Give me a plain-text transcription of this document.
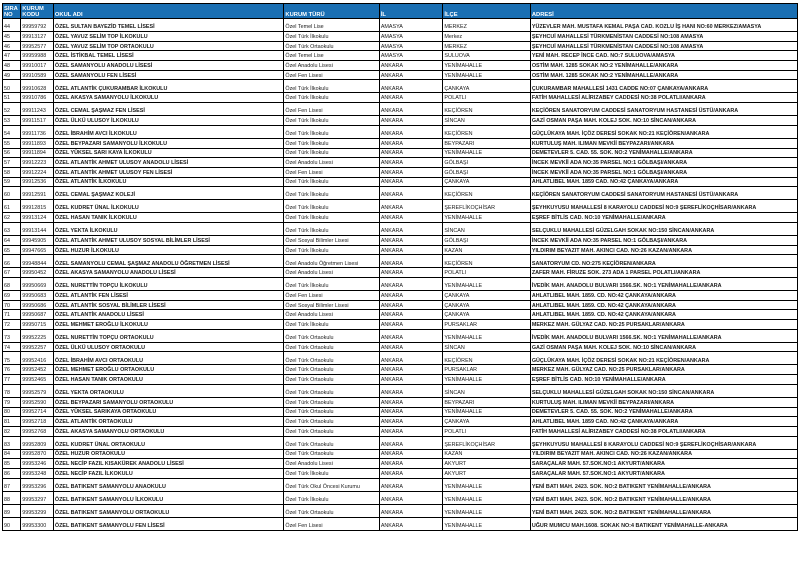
SIRA NO	KURUM KODU	OKUL ADI	KURUM TÜRÜ	İL	İLÇE	ADRESİ
44	99959792	ÖZEL SULTAN BAYEZİD TEMEL LİSESİ	Özel Temel Lise	AMASYA	MERKEZ	YÜZEVLER MAH. MUSTAFA KEMAL PAŞA CAD. KOZLU İŞ HANI NO:60 MERKEZ/AMASYA
45	99913127	ÖZEL YAVUZ SELİM TOP İLKOKULU	Özel Türk İlkokulu	AMASYA	Merkez	ŞEYHCUİ MAHALLESİ TÜRKMENİSTAN CADDESİ NO:108 AMASYA
46	99952577	ÖZEL YAVUZ SELİM TOP ORTAOKULU	Özel Türk Ortaokulu	AMASYA	MERKEZ	ŞEYHCUİ MAHALLESİ TÜRKMENİSTAN CADDESİ NO:108 AMASYA
47	99959988	ÖZEL İSTİKBAL TEMEL LİSESİ	Özel Temel Lise	AMASYA	SULUOVA	YENİ MAH. RECEP İNCE CAD. NO:7 SULUOVA/AMASYA
48	99910017	ÖZEL SAMANYOLU ANADOLU LİSESİ	Özel Anadolu Lisesi	ANKARA	YENİMAHALLE	OSTİM MAH. 1285 SOKAK NO:2 YENİMAHALLE/ANKARA
49	99910589	ÖZEL SAMANYOLU FEN LİSESİ	Özel Fen Lisesi	ANKARA	YENİMAHALLE	OSTİM MAH. 1285 SOKAK NO:2 YENİMAHALLE/ANKARA
50	99910628	ÖZEL ATLANTİK ÇUKURAMBAR İLKOKULU	Özel Türk İlkokulu	ANKARA	ÇANKAYA	ÇUKURAMBAR MAHALLESİ 1431 CADDE NO:07 ÇANKAYA/ANKARA
51	99910786	ÖZEL AKASYA SAMANYOLU İLKOKULU	Özel Türk İlkokulu	ANKARA	POLATLI	FATİH MAHALLESİ ALİRIZABEY CADDESİ NO:38 POLATLI/ANKARA
52	99911243	ÖZEL CEMAL ŞAŞMAZ FEN LİSESİ	Özel Fen Lisesi	ANKARA	KEÇİÖREN	KEÇİÖREN SANATORYUM CADDESİ SANATORYUM HASTANESİ ÜSTÜ/ANKARA
53	99911517	ÖZEL ÜLKÜ ULUSOY İLKOKULU	Özel Türk İlkokulu	ANKARA	SİNCAN	GAZİ OSMAN PAŞA MAH. KOLEJ SOK. NO:10 SİNCAN/ANKARA
54	99911736	ÖZEL İBRAHİM AVCI İLKOKULU	Özel Türk İlkokulu	ANKARA	KEÇİÖREN	GÜÇLÜKAYA MAH. İÇÖZ DERESİ SOKAK NO:21 KEÇİÖREN/ANKARA
55	99911893	ÖZEL BEYPAZARI SAMANYOLU İLKOKULU	Özel Türk İlkokulu	ANKARA	BEYPAZARI	KURTULUŞ MAH. ILIMAN MEVKİİ BEYPAZARI/ANKARA
56	99911894	ÖZEL YÜKSEL SARI KAYA İLKOKULU	Özel Türk İlkokulu	ANKARA	YENİMAHALLE	DEMETEVLER 5. CAD. 55. SOK. NO:2 YENİMAHALLE/ANKARA
57	99912223	ÖZEL ATLANTİK AHMET ULUSOY ANADOLU LİSESİ	Özel Anadolu Lisesi	ANKARA	GÖLBAŞI	İNCEK MEVKİİ ADA NO:35 PARSEL NO:1 GÖLBAŞI/ANKARA
58	99912224	ÖZEL ATLANTİK AHMET ULUSOY FEN LİSESİ	Özel Fen Lisesi	ANKARA	GÖLBAŞI	İNCEK MEVKİİ ADA NO:35 PARSEL NO:1 GÖLBAŞI/ANKARA
59	99912536	ÖZEL ATLANTİK İLKOKULU	Özel Türk İlkokulu	ANKARA	ÇANKAYA	AHLATLIBEL MAH. 1859 CAD. NO:42 ÇANKAYA/ANKARA
60	99912591	ÖZEL CEMAL ŞAŞMAZ KOLEJİ	Özel Türk İlkokulu	ANKARA	KEÇİÖREN	KEÇİÖREN SANATORYUM CADDESİ SANATORYUM HASTANESİ ÜSTÜ/ANKARA
61	99912815	ÖZEL KUDRET ÜNAL İLKOKULU	Özel Türk İlkokulu	ANKARA	ŞEREFLİKOÇHİSAR	ŞEYHKUYUSU MAHALLESİ 8 KARAYOLU CADDESİ NO:9 ŞEREFLİKOÇHİSAR/ANKARA
62	99913124	ÖZEL HASAN TANIK İLKOKULU	Özel Türk İlkokulu	ANKARA	YENİMAHALLE	EŞREF BİTLİS CAD. NO:10 YENİMAHALLE/ANKARA
63	99913144	ÖZEL YEKTA İLKOKULU	Özel Türk İlkokulu	ANKARA	SİNCAN	SELÇUKLU MAHALLESİ GÜZELGAH SOKAK NO:150 SİNCAN/ANKARA
64	99945905	ÖZEL ATLANTİK AHMET ULUSOY SOSYAL BİLİMLER LİSESİ	Özel Sosyal Bilimler Lisesi	ANKARA	GÖLBAŞI	İNCEK MEVKİİ ADA NO:35 PARSEL NO:1 GÖLBAŞI/ANKARA
65	99947665	ÖZEL HUZUR İLKOKULU	Özel Türk İlkokulu	ANKARA	KAZAN	YILDIRIM BEYAZIT MAH. AKINCI CAD. NO:26 KAZAN/ANKARA
66	99948844	ÖZEL SAMANYOLU CEMAL ŞAŞMAZ ANADOLU ÖĞRETMEN LİSESİ	Özel Anadolu Öğretmen Lisesi	ANKARA	KEÇİÖREN	SANATORYUM CD. NO:275 KEÇİÖREN/ANKARA
67	99950452	ÖZEL AKASYA SAMANYOLU ANADOLU LİSESİ	Özel Anadolu Lisesi	ANKARA	POLATLI	ZAFER MAH. FİRUZE SOK. 273 ADA 1 PARSEL POLATLI/ANKARA
68	99950669	ÖZEL NURETTİN TOPÇU İLKOKULU	Özel Türk İlkokulu	ANKARA	YENİMAHALLE	İVEDİK MAH. ANADOLU BULVARI 1566.SK. NO:1 YENİMAHALLE/ANKARA
69	99950683	ÖZEL ATLANTİK FEN LİSESİ	Özel Fen Lisesi	ANKARA	ÇANKAYA	AHLATLIBEL MAH. 1859. CD. NO:42 ÇANKAYA/ANKARA
70	99950686	ÖZEL ATLANTİK SOSYAL BİLİMLER LİSESİ	Özel Sosyal Bilimler Lisesi	ANKARA	ÇANKAYA	AHLATLIBEL MAH. 1859. CD. NO:42 ÇANKAYA/ANKARA
71	99950687	ÖZEL ATLANTİK ANADOLU LİSESİ	Özel Anadolu Lisesi	ANKARA	ÇANKAYA	AHLATLIBEL MAH. 1859. CD. NO:42 ÇANKAYA/ANKARA
72	99950715	ÖZEL MEHMET EROĞLU İLKOKULU	Özel Türk İlkokulu	ANKARA	PURSAKLAR	MERKEZ MAH. GÜLYAZ CAD. NO:25 PURSAKLAR/ANKARA
73	99952225	ÖZEL NURETTİN TOPÇU ORTAOKULU	Özel Türk Ortaokulu	ANKARA	YENİMAHALLE	İVEDİK MAH. ANADOLU BULVARI 1566.SK. NO:1 YENİMAHALLE/ANKARA
74	99952257	ÖZEL ÜLKÜ ULUSOY ORTAOKULU	Özel Türk Ortaokulu	ANKARA	SİNCAN	GAZİ OSMAN PAŞA MAH. KOLEJ SOK. NO:10 SİNCAN/ANKARA
75	99952416	ÖZEL İBRAHİM AVCI ORTAOKULU	Özel Türk Ortaokulu	ANKARA	KEÇİÖREN	GÜÇLÜKAYA MAH. İÇÖZ DERESİ SOKAK NO:21 KEÇİÖREN/ANKARA
76	99952452	ÖZEL MEHMET EROĞLU ORTAOKULU	Özel Türk Ortaokulu	ANKARA	PURSAKLAR	MERKEZ MAH. GÜLYAZ CAD. NO:25 PURSAKLAR/ANKARA
77	99952465	ÖZEL HASAN TANIK ORTAOKULU	Özel Türk Ortaokulu	ANKARA	YENİMAHALLE	EŞREF BİTLİS CAD. NO:10 YENİMAHALLE/ANKARA
78	99952579	ÖZEL YEKTA ORTAOKULU	Özel Türk Ortaokulu	ANKARA	SİNCAN	SELÇUKLU MAHALLESİ GÜZELGAH SOKAK NO:150 SİNCAN/ANKARA
79	99952590	ÖZEL BEYPAZARI SAMANYOLU ORTAOKULU	Özel Türk Ortaokulu	ANKARA	BEYPAZARI	KURTULUŞ MAH. ILIMAN MEVKİİ BEYPAZARI/ANKARA
80	99952714	ÖZEL YÜKSEL SARIKAYA ORTAOKULU	Özel Türk Ortaokulu	ANKARA	YENİMAHALLE	DEMETEVLER 5. CAD. 55. SOK. NO:2 YENİMAHALLE/ANKARA
81	99952718	ÖZEL ATLANTİK ORTAOKULU	Özel Türk Ortaokulu	ANKARA	ÇANKAYA	AHLATLIBEL MAH. 1859 CAD. NO:42 ÇANKAYA/ANKARA
82	99952768	ÖZEL AKASYA SAMANYOLU ORTAOKULU	Özel Türk Ortaokulu	ANKARA	POLATLI	FATİH MAHALLESİ ALİRIZABEY CADDESİ NO:38 POLATLI/ANKARA
83	99952809	ÖZEL KUDRET ÜNAL ORTAOKULU	Özel Türk Ortaokulu	ANKARA	ŞEREFLİKOÇHİSAR	ŞEYHKUYUSU MAHALLESİ 8 KARAYOLU CADDESİ NO:9 ŞEREFLİKOÇHİSAR/ANKARA
84	99952870	ÖZEL HUZUR ORTAOKULU	Özel Türk Ortaokulu	ANKARA	KAZAN	YILDIRIM BEYAZIT MAH. AKINCI CAD. NO:26 KAZAN/ANKARA
85	99953246	ÖZEL NECİP FAZIL KISAKÜREK ANADOLU LİSESİ	Özel Anadolu Lisesi	ANKARA	AKYURT	SARAÇALAR MAH. 57.SOK.NO:1 AKYURT/ANKARA
86	99953248	ÖZEL NECİP FAZIL İLKOKULU	Özel Türk İlkokulu	ANKARA	AKYURT	SARAÇALAR MAH. 57.SOK.NO:1 AKYURT/ANKARA
87	99953296	ÖZEL BATIKENT SAMANYOLU ANAOKULU	Özel Türk Okul Öncesi Kurumu	ANKARA	YENİMAHALLE	YENİ BATI MAH. 2423. SOK. NO:2 BATIKENT YENİMAHALLE/ANKARA
88	99953297	ÖZEL BATIKENT SAMANYOLU İLKOKULU	Özel Türk İlkokulu	ANKARA	YENİMAHALLE	YENİ BATI MAH. 2423. SOK. NO:2 BATIKENT YENİMAHALLE/ANKARA
89	99953299	ÖZEL BATIKENT SAMANYOLU ORTAOKULU	Özel Türk Ortaokulu	ANKARA	YENİMAHALLE	YENİ BATI MAH. 2423. SOK. NO:2 BATIKENT YENİMAHALLE/ANKARA
90	99953300	ÖZEL BATIKENT SAMANYOLU FEN LİSESİ	Özel Fen Lisesi	ANKARA	YENİMAHALLE	UĞUR MUMCU MAH.1608. SOKAK NO:4 BATIKENT YENİMAHALLE-ANKARA
